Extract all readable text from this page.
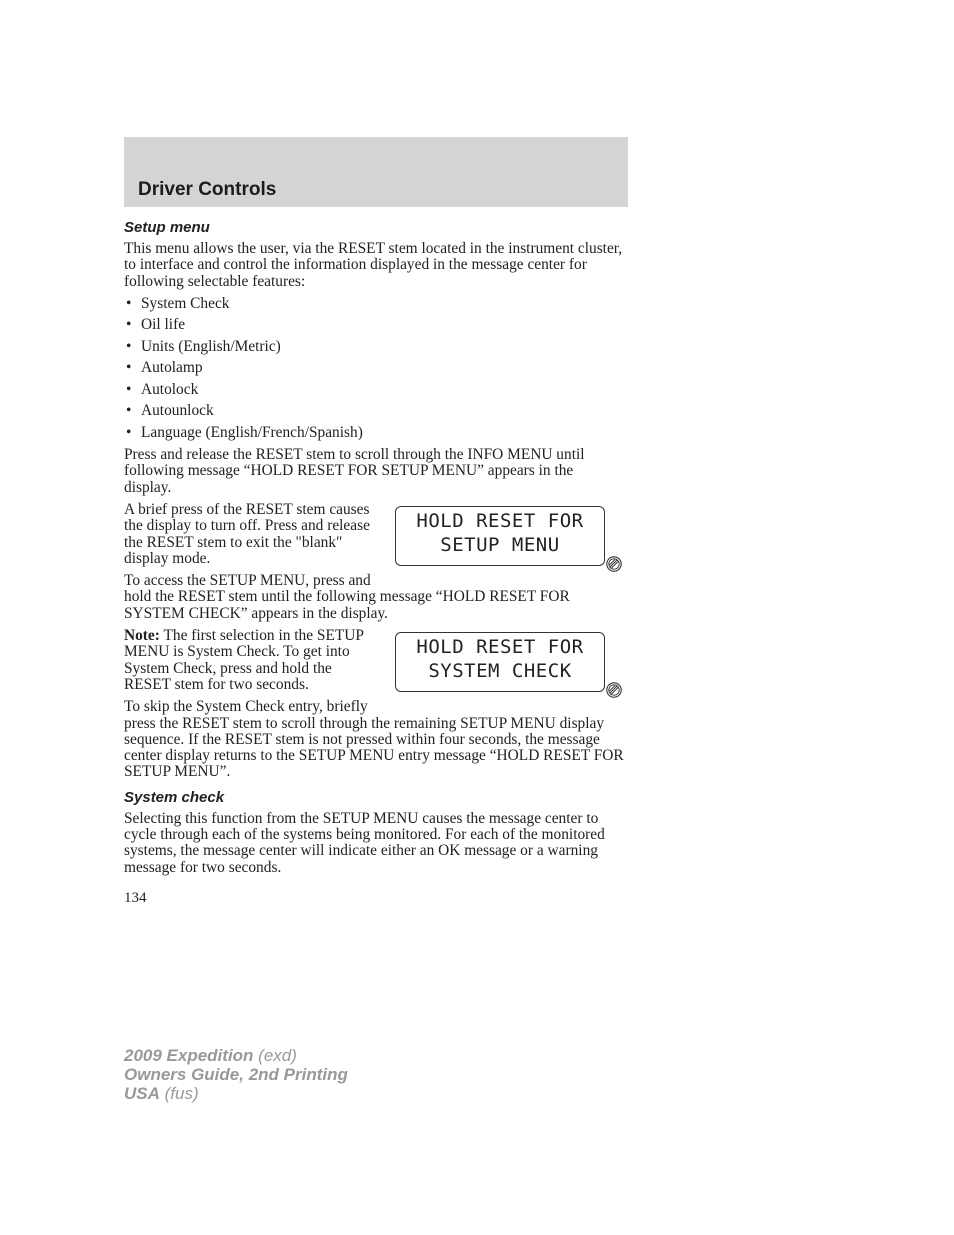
Driver Controls
Setup menu

This menu allows the user, via the RESET stem located in the instrument cluster, to interface and control the information displayed in the message center for following selectable features:

• System Check
• Oil life
• Units (English/Metric)
• Autolamp
• Autolock
• Autounlock
• Language (English/French/Spanish)

Press and release the RESET stem to scroll through the INFO MENU until following message “HOLD RESET FOR SETUP MENU” appears in the display.

HOLD RESET FOR
SETUP MENU

A brief press of the RESET stem causes the display to turn off. Press and release the RESET stem to exit the "blank" display mode.

To access the SETUP MENU, press and hold the RESET stem until the following message “HOLD RESET FOR SYSTEM CHECK” appears in the display.

HOLD RESET FOR
SYSTEM CHECK

Note: The first selection in the SETUP MENU is System Check. To get into System Check, press and hold the RESET stem for two seconds.

To skip the System Check entry, briefly press the RESET stem to scroll through the remaining SETUP MENU display sequence. If the RESET stem is not pressed within four seconds, the message center display returns to the SETUP MENU entry message “HOLD RESET FOR SETUP MENU”.

System check

Selecting this function from the SETUP MENU causes the message center to cycle through each of the systems being monitored. For each of the monitored systems, the message center will indicate either an OK message or a warning message for two seconds.

134
2009 Expedition (exd)
Owners Guide, 2nd Printing
USA (fus)
